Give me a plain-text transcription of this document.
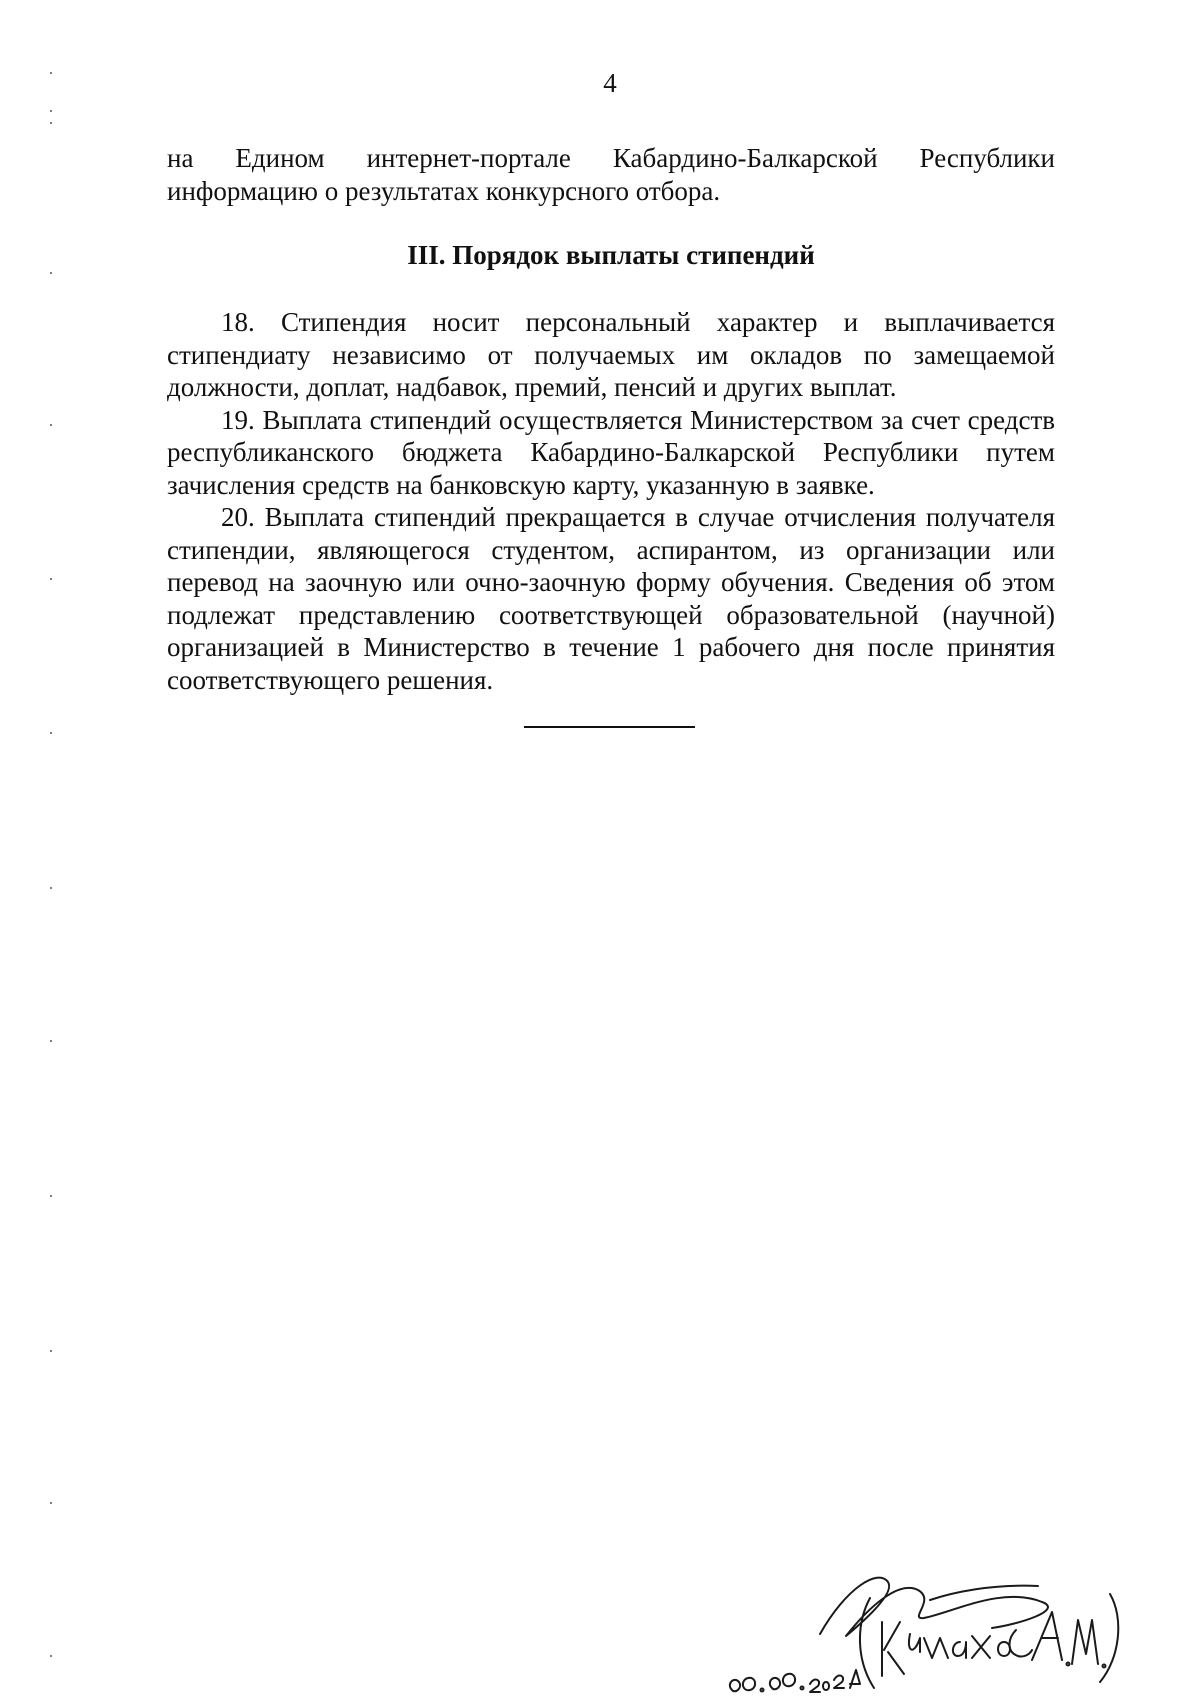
4

на Едином интернет-портале Кабардино-Балкарской Республики информацию о результатах конкурсного отбора.

III. Порядок выплаты стипендий

18. Стипендия носит персональный характер и выплачивается стипендиату независимо от получаемых им окладов по замещаемой должности, доплат, надбавок, премий, пенсий и других выплат.

19. Выплата стипендий осуществляется Министерством за счет средств республиканского бюджета Кабардино-Балкарской Республики путем зачисления средств на банковскую карту, указанную в заявке.

20. Выплата стипендий прекращается в случае отчисления получателя стипендии, являющегося студентом, аспирантом, из организации или перевод на заочную или очно-заочную форму обучения. Сведения об этом подлежат представлению соответствующей образовательной (научной) организацией в Министерство в течение 1 рабочего дня после принятия соответствующего решения.
